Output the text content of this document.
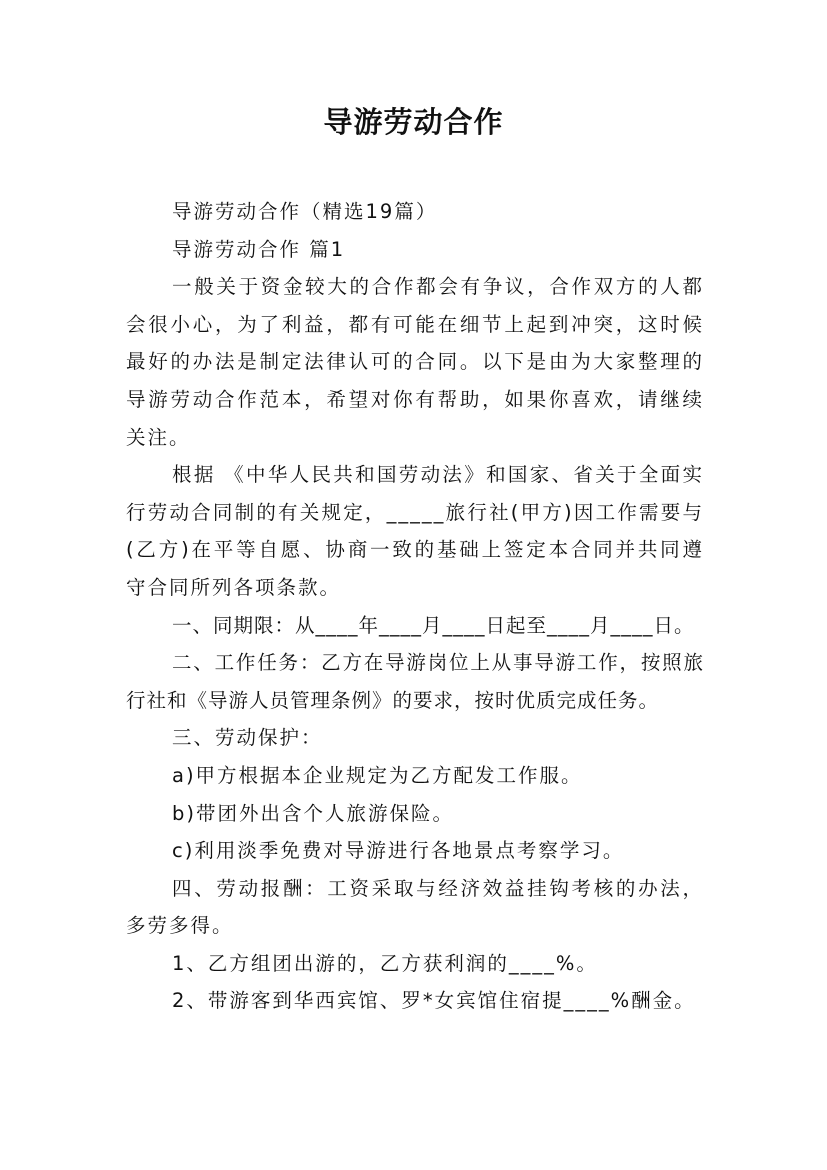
导游劳动合作

导游劳动合作（精选19篇）

导游劳动合作 篇1

一般关于资金较大的合作都会有争议，合作双方的人都会很小心，为了利益，都有可能在细节上起到冲突，这时候最好的办法是制定法律认可的合同。以下是由为大家整理的导游劳动合作范本，希望对你有帮助，如果你喜欢，请继续关注。

根据 《中华人民共和国劳动法》和国家、省关于全面实行劳动合同制的有关规定，_____旅行社(甲方)因工作需要与(乙方)在平等自愿、协商一致的基础上签定本合同并共同遵守合同所列各项条款。

一、同期限：从____年____月____日起至____月____日。

二、工作任务：乙方在导游岗位上从事导游工作，按照旅行社和《导游人员管理条例》的要求，按时优质完成任务。

三、劳动保护：

a)甲方根据本企业规定为乙方配发工作服。

b)带团外出含个人旅游保险。

c)利用淡季免费对导游进行各地景点考察学习。

四、劳动报酬：工资采取与经济效益挂钩考核的办法，多劳多得。

1、乙方组团出游的，乙方获利润的____%。

2、带游客到华西宾馆、罗*女宾馆住宿提____%酬金。
